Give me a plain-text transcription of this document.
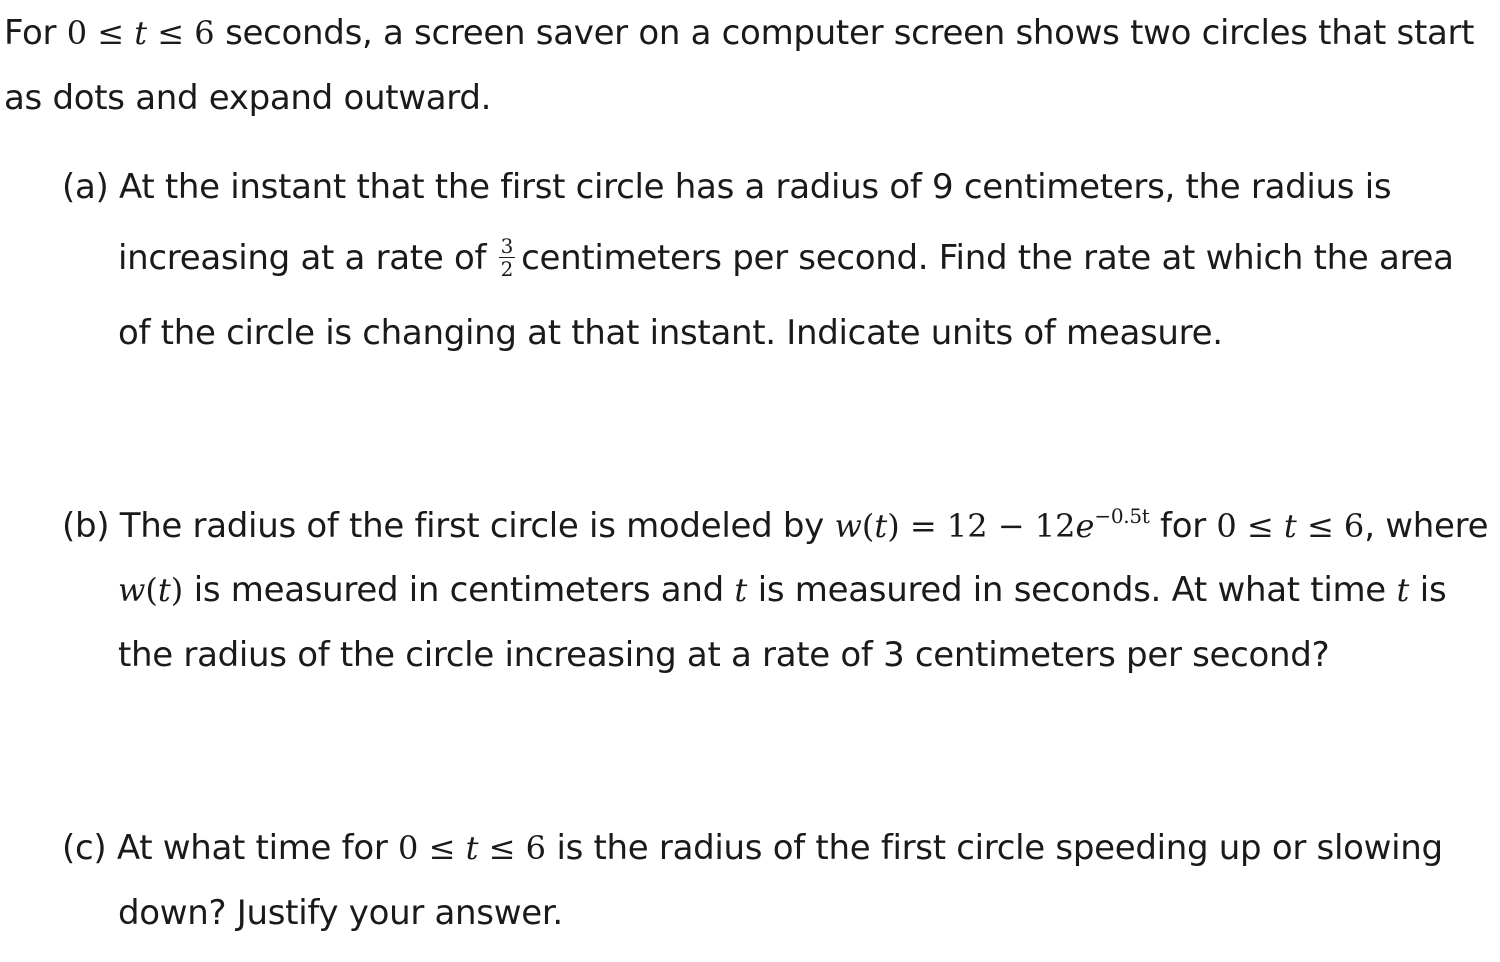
For 0 ≤ t ≤ 6 seconds, a screen saver on a computer screen shows two circles that start
as dots and expand outward.
(a) At the instant that the first circle has a radius of 9 centimeters, the radius is
increasing at a rate of $\frac{3}{2}$ centimeters per second. Find the rate at which the area
of the circle is changing at that instant. Indicate units of measure.
(b) The radius of the first circle is modeled by $w(t) = 12 - 12e^{-0.5t}$ for 0 ≤ t ≤ 6, where
w(t) is measured in centimeters and t is measured in seconds. At what time t is
the radius of the circle increasing at a rate of 3 centimeters per second?
(c) At what time for 0 ≤ t ≤ 6 is the radius of the first circle speeding up or slowing
down? Justify your answer.
